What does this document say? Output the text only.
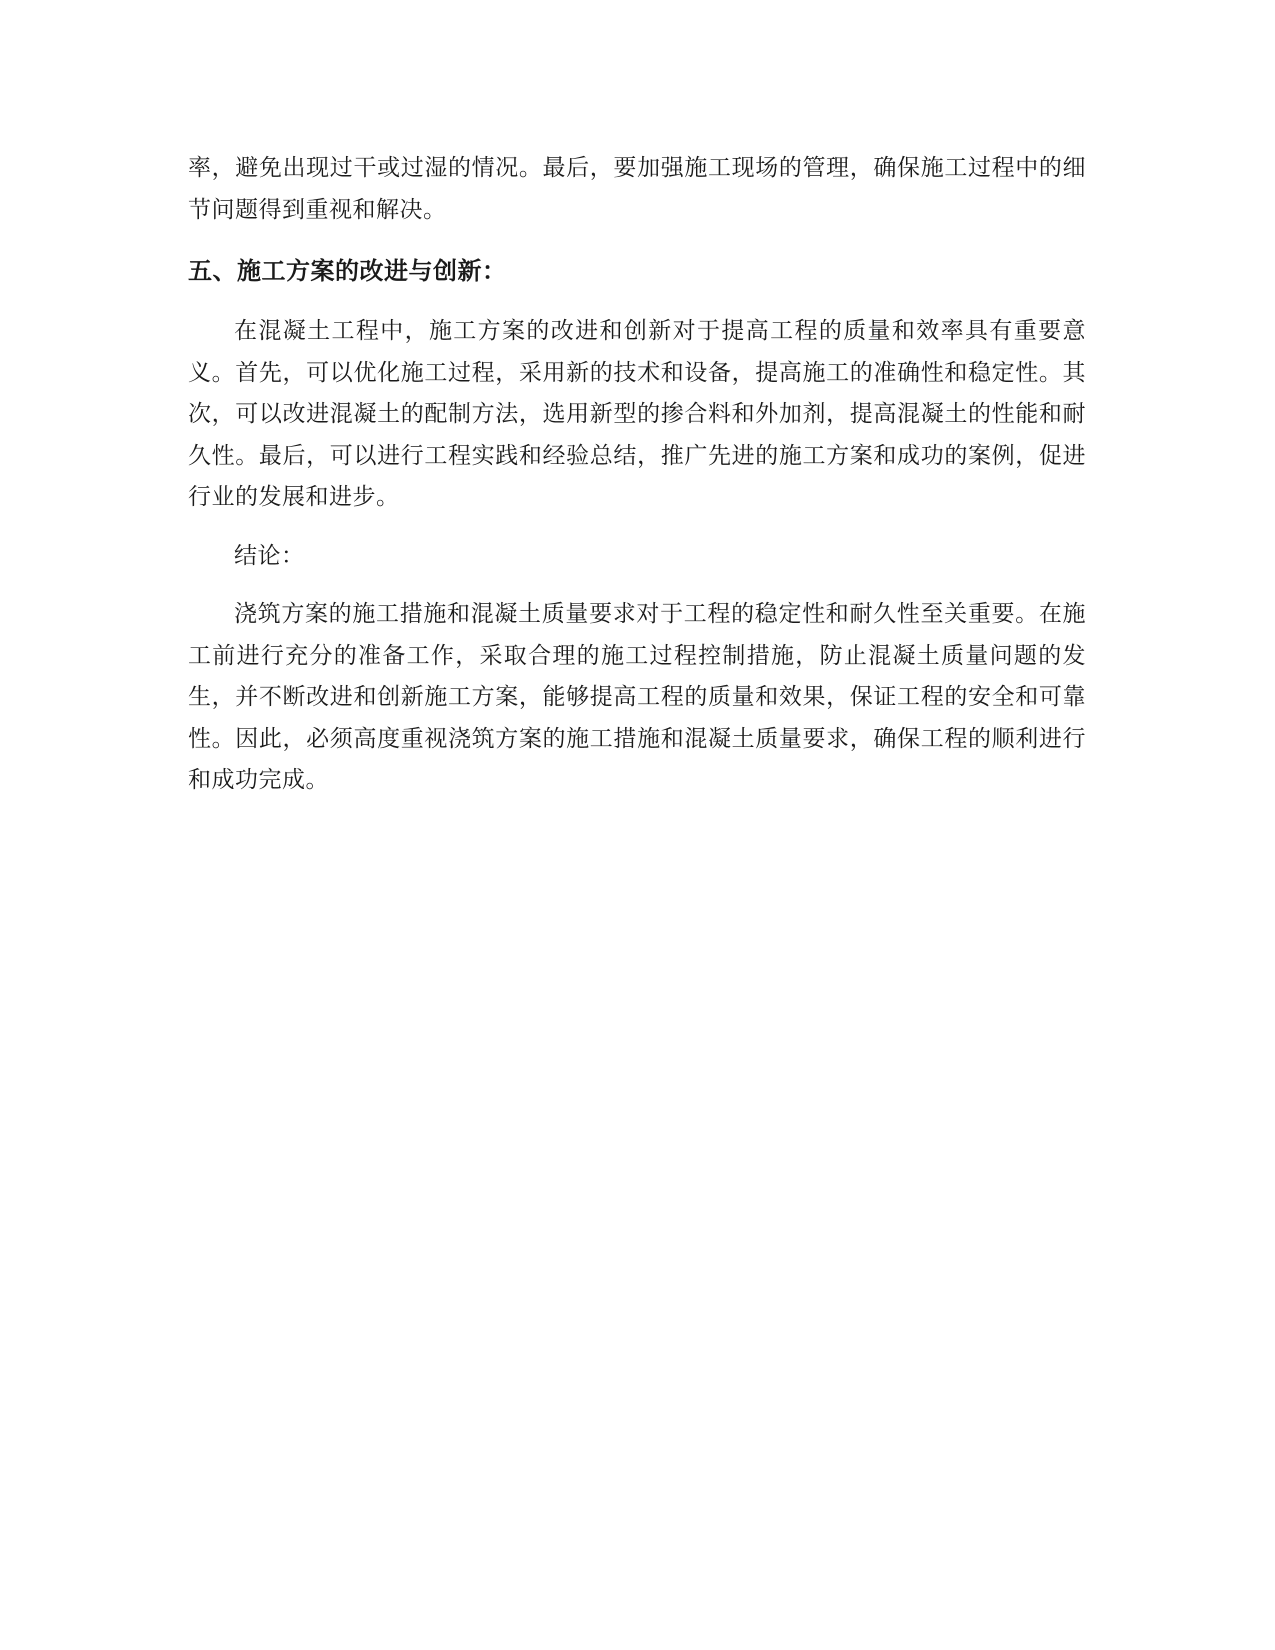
率，避免出现过干或过湿的情况。最后，要加强施工现场的管理，确保施工过程中的细节问题得到重视和解决。

五、施工方案的改进与创新：

在混凝土工程中，施工方案的改进和创新对于提高工程的质量和效率具有重要意义。首先，可以优化施工过程，采用新的技术和设备，提高施工的准确性和稳定性。其次，可以改进混凝土的配制方法，选用新型的掺合料和外加剂，提高混凝土的性能和耐久性。最后，可以进行工程实践和经验总结，推广先进的施工方案和成功的案例，促进行业的发展和进步。

结论：

浇筑方案的施工措施和混凝土质量要求对于工程的稳定性和耐久性至关重要。在施工前进行充分的准备工作，采取合理的施工过程控制措施，防止混凝土质量问题的发生，并不断改进和创新施工方案，能够提高工程的质量和效果，保证工程的安全和可靠性。因此，必须高度重视浇筑方案的施工措施和混凝土质量要求，确保工程的顺利进行和成功完成。
